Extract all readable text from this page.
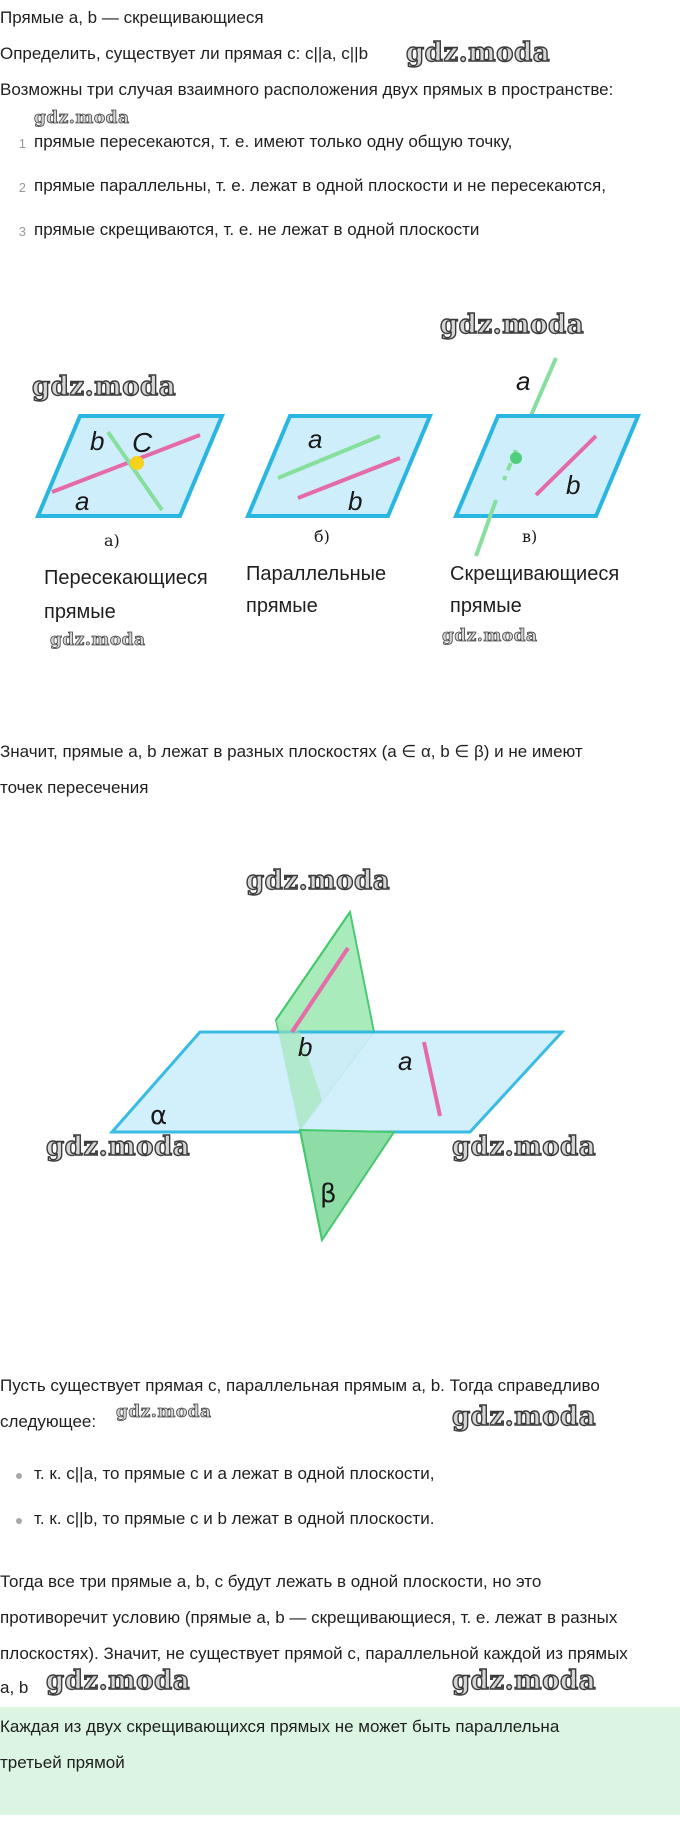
Прямые a, b — скрещивающиеся

Определить, существует ли прямая c: c||a, c||b

Возможны три случая взаимного расположения двух прямых в пространстве:

1 прямые пересекаются, т. е. имеют только одну общую точку,
2 прямые параллельны, т. е. лежат в одной плоскости и не пересекаются,
3 прямые скрещиваются, т. е. не лежат в одной плоскости
b C
a
a
b
a
b
а)	б)	в)
Пересекающиеся
прямые
Параллельные
прямые
Скрещивающиеся
прямые

Значит, прямые a, b лежат в разных плоскостях (a ∈ α, b ∈ β) и не имеют

точек пересечения

α
β
b	a

Пусть существует прямая c, параллельная прямым a, b. Тогда справедливо

следующее:

т. к. c||a, то прямые c и a лежат в одной плоскости,
т. к. c||b, то прямые c и b лежат в одной плоскости.

Тогда все три прямые a, b, c будут лежать в одной плоскости, но это

противоречит условию (прямые a, b — скрещивающиеся, т. е. лежат в разных

плоскостях). Значит, не существует прямой c, параллельной каждой из прямых

a, b

Каждая из двух скрещивающихся прямых не может быть параллельна
третьей прямой
gdz.moda
gdz.moda
gdz.moda
gdz.moda
gdz.moda	gdz.moda
gdz.moda
gdz.moda	gdz.moda
gdz.moda	gdz.moda
gdz.moda	gdz.moda
